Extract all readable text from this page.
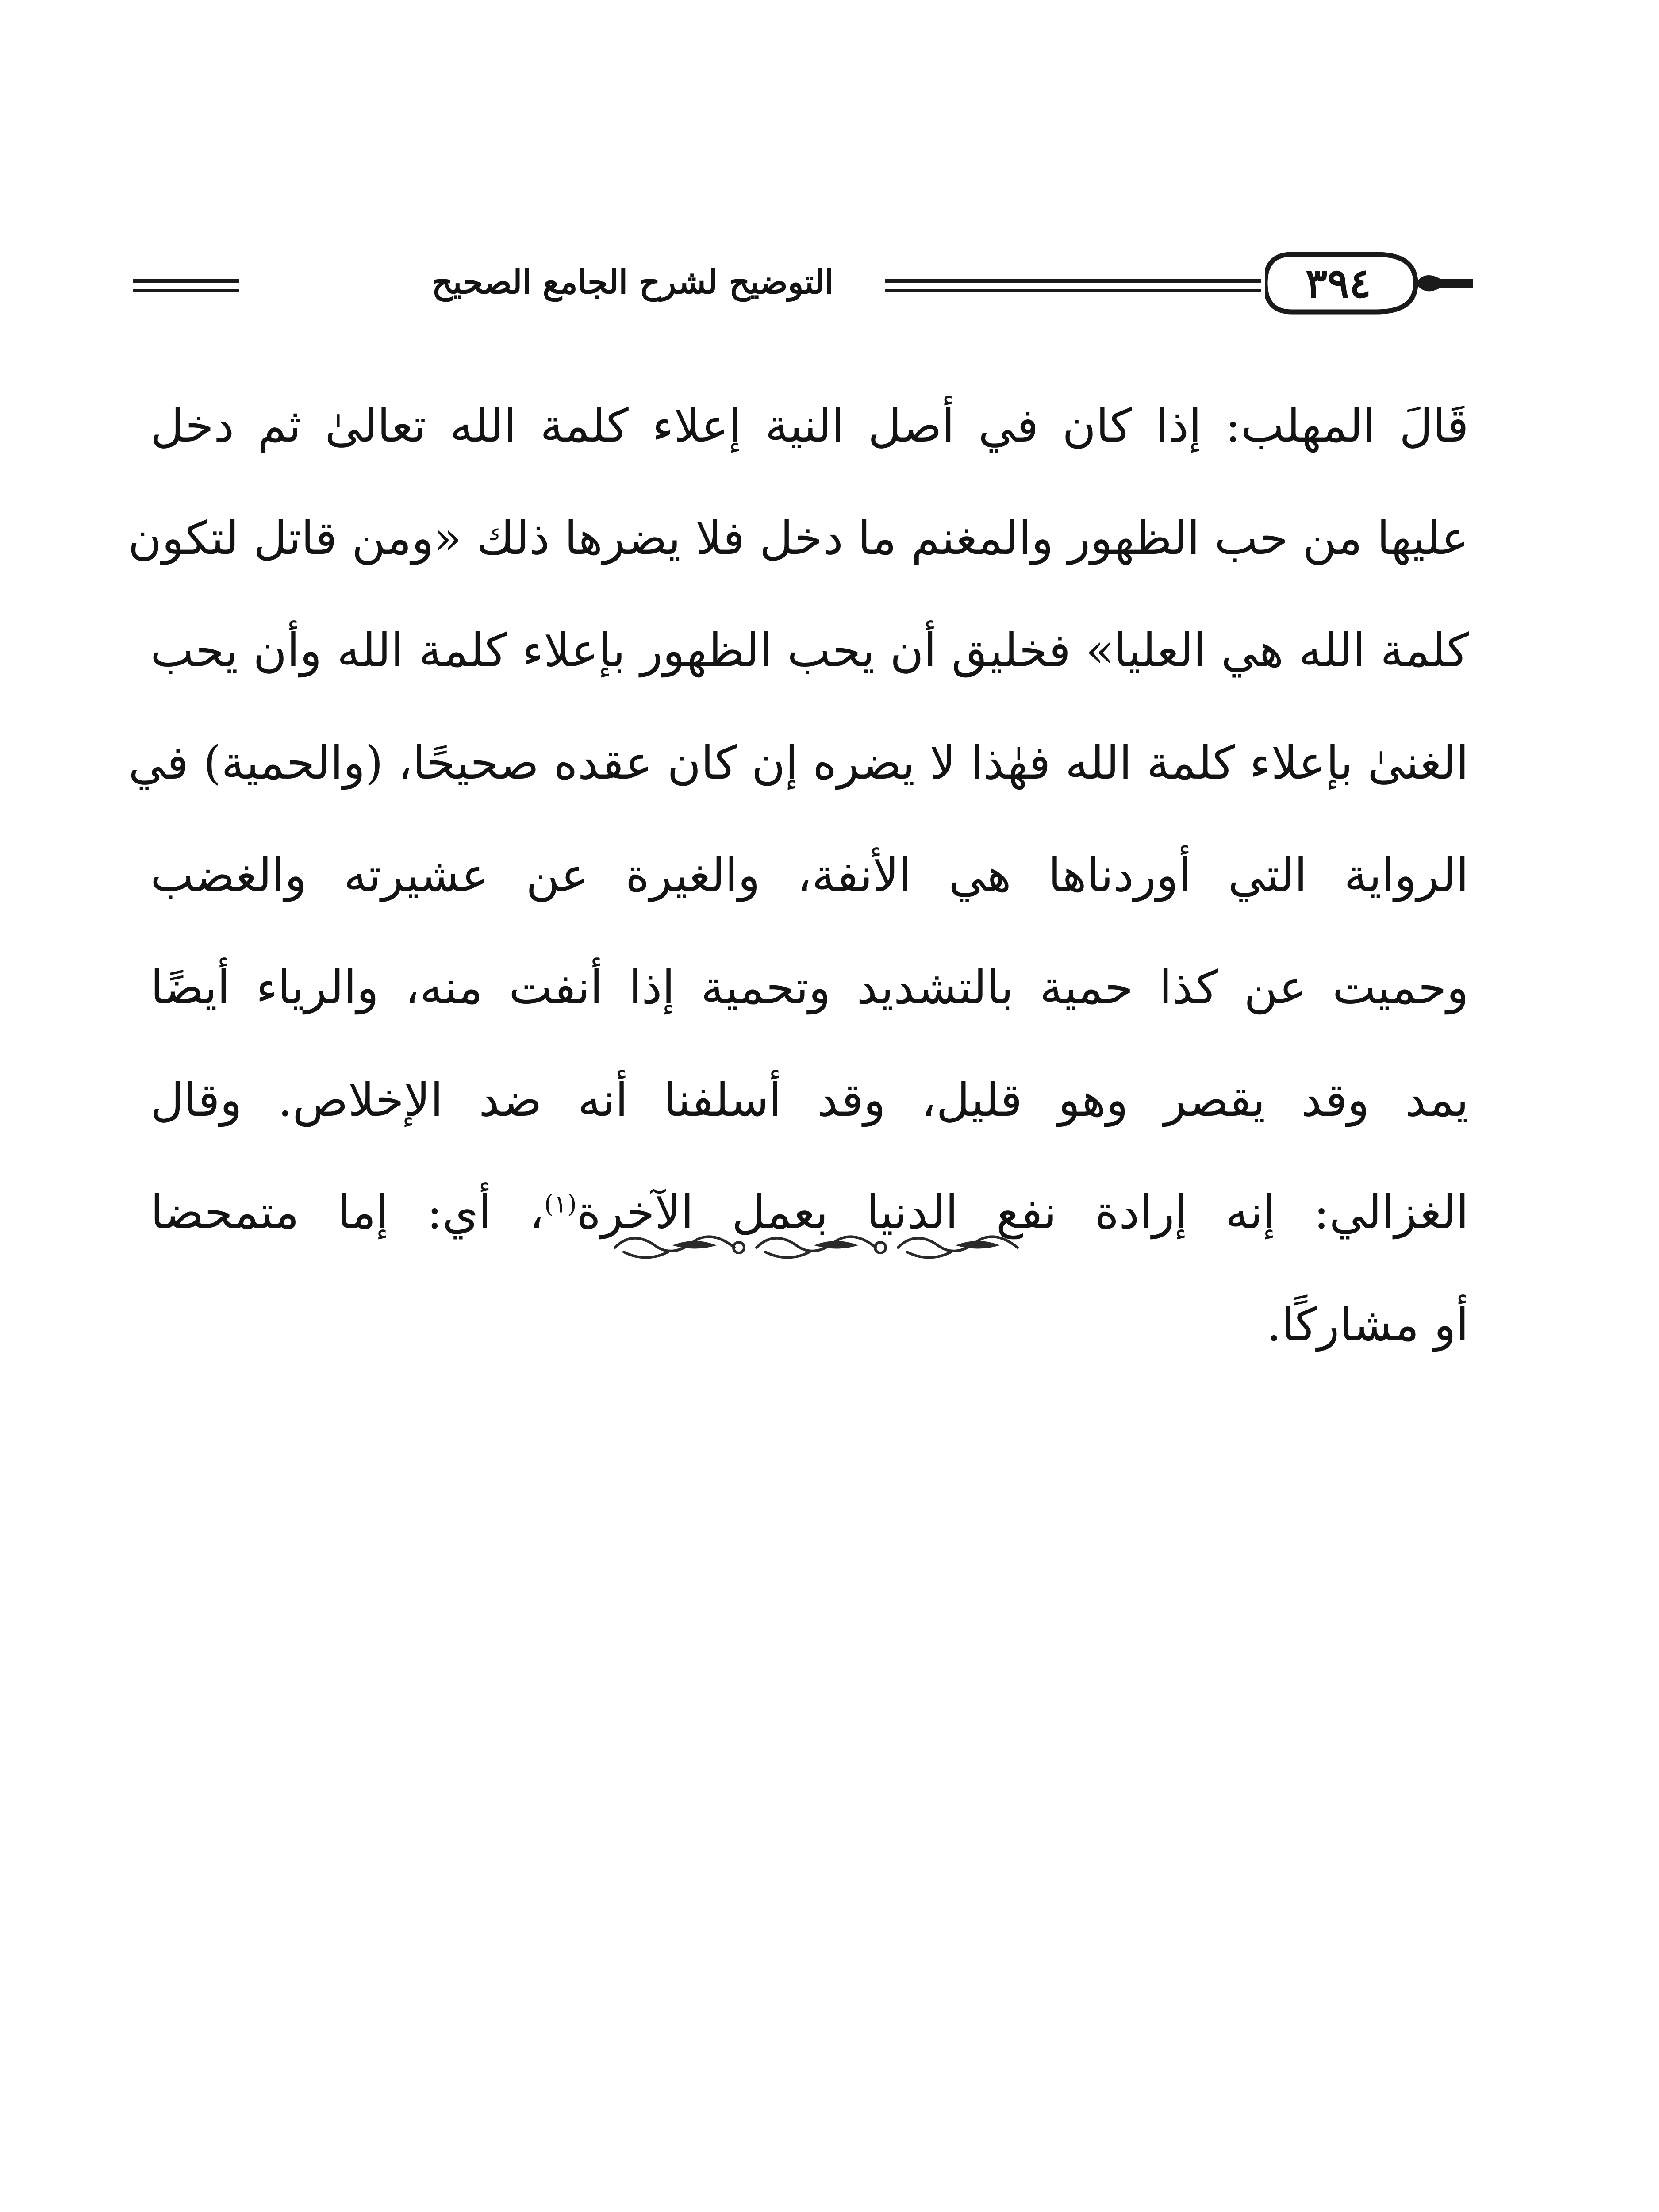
التوضيح لشرح الجامع الصحيح	٣٩٤
قَالَ المهلب: إذا كان في أصل النية إعلاء كلمة الله تعالىٰ ثم دخل
عليها من حب الظهور والمغنم ما دخل فلا يضرها ذلك «ومن قاتل لتكون
كلمة الله هي العليا» فخليق أن يحب الظهور بإعلاء كلمة الله وأن يحب
الغنىٰ بإعلاء كلمة الله فهٰذا لا يضره إن كان عقده صحيحًا، (والحمية) في
الرواية التي أوردناها هي الأنفة، والغيرة عن عشيرته والغضب
وحميت عن كذا حمية بالتشديد وتحمية إذا أنفت منه، والرياء أيضًا
يمد وقد يقصر وهو قليل، وقد أسلفنا أنه ضد الإخلاص. وقال
الغزالي: إنه إرادة نفع الدنيا بعمل الآخرة$^{(١)}$، أي: إما متمحضا
أو مشاركًا.
